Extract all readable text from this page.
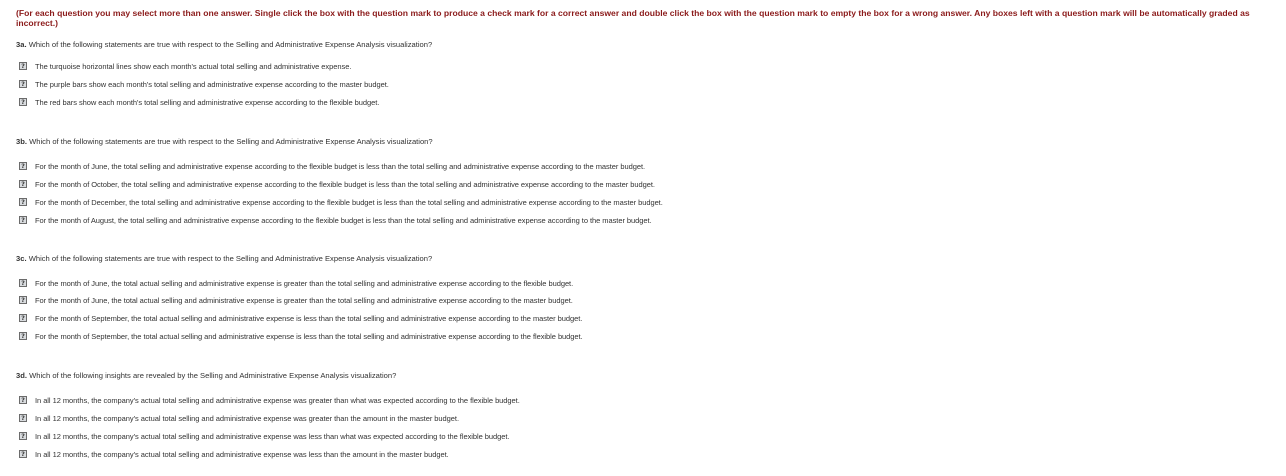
(For each question you may select more than one answer. Single click the box with the question mark to produce a check mark for a correct answer and double click the box with the question mark to empty the box for a wrong answer. Any boxes left with a question mark will be automatically graded as incorrect.)
3a. Which of the following statements are true with respect to the Selling and Administrative Expense Analysis visualization?
? The turquoise horizontal lines show each month's actual total selling and administrative expense.
? The purple bars show each month's total selling and administrative expense according to the master budget.
? The red bars show each month's total selling and administrative expense according to the flexible budget.
3b. Which of the following statements are true with respect to the Selling and Administrative Expense Analysis visualization?
? For the month of June, the total selling and administrative expense according to the flexible budget is less than the total selling and administrative expense according to the master budget.
? For the month of October, the total selling and administrative expense according to the flexible budget is less than the total selling and administrative expense according to the master budget.
? For the month of December, the total selling and administrative expense according to the flexible budget is less than the total selling and administrative expense according to the master budget.
? For the month of August, the total selling and administrative expense according to the flexible budget is less than the total selling and administrative expense according to the master budget.
3c. Which of the following statements are true with respect to the Selling and Administrative Expense Analysis visualization?
? For the month of June, the total actual selling and administrative expense is greater than the total selling and administrative expense according to the flexible budget.
? For the month of June, the total actual selling and administrative expense is greater than the total selling and administrative expense according to the master budget.
? For the month of September, the total actual selling and administrative expense is less than the total selling and administrative expense according to the master budget.
? For the month of September, the total actual selling and administrative expense is less than the total selling and administrative expense according to the flexible budget.
3d. Which of the following insights are revealed by the Selling and Administrative Expense Analysis visualization?
? In all 12 months, the company's actual total selling and administrative expense was greater than what was expected according to the flexible budget.
? In all 12 months, the company's actual total selling and administrative expense was greater than the amount in the master budget.
? In all 12 months, the company's actual total selling and administrative expense was less than what was expected according to the flexible budget.
? In all 12 months, the company's actual total selling and administrative expense was less than the amount in the master budget.
